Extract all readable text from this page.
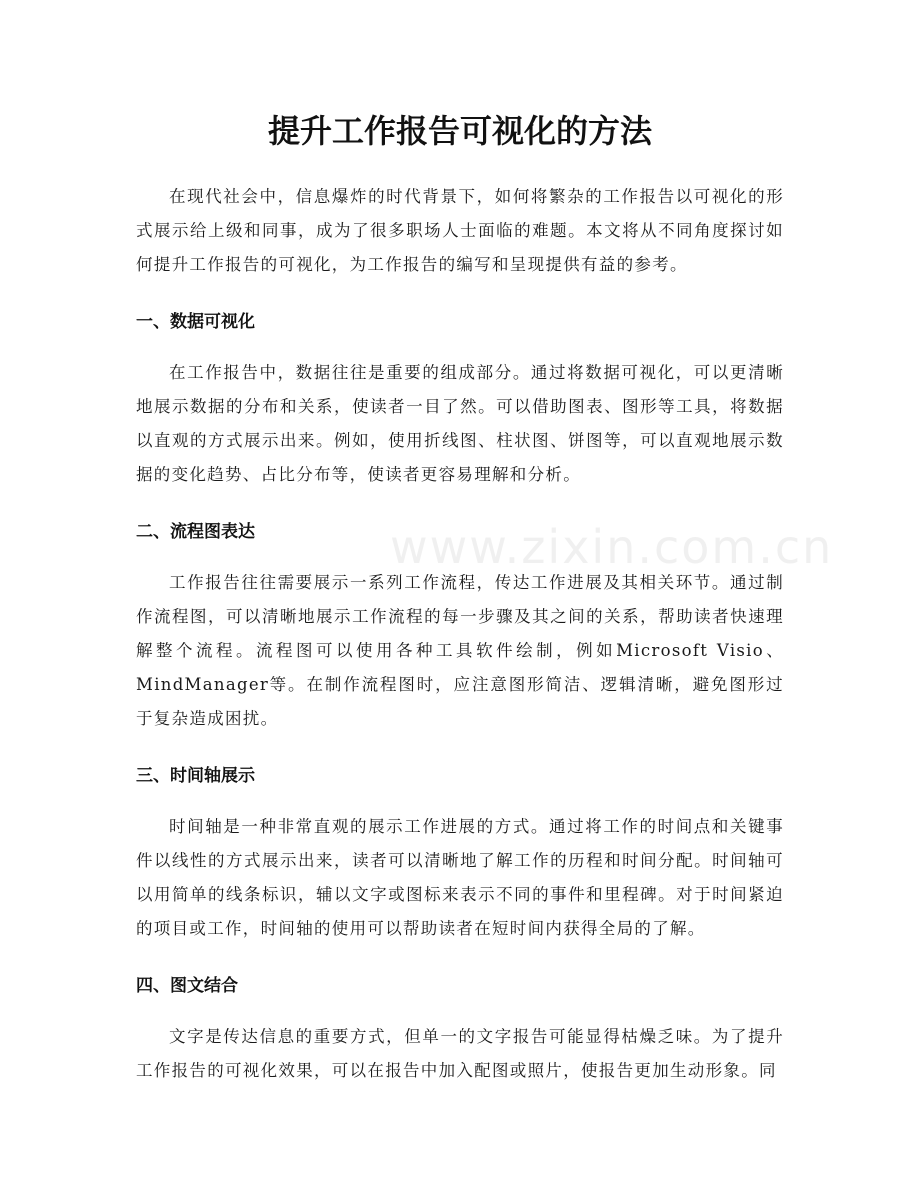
提升工作报告可视化的方法

在现代社会中，信息爆炸的时代背景下，如何将繁杂的工作报告以可视化的形式展示给上级和同事，成为了很多职场人士面临的难题。本文将从不同角度探讨如何提升工作报告的可视化，为工作报告的编写和呈现提供有益的参考。

一、数据可视化

在工作报告中，数据往往是重要的组成部分。通过将数据可视化，可以更清晰地展示数据的分布和关系，使读者一目了然。可以借助图表、图形等工具，将数据以直观的方式展示出来。例如，使用折线图、柱状图、饼图等，可以直观地展示数据的变化趋势、占比分布等，使读者更容易理解和分析。

二、流程图表达

工作报告往往需要展示一系列工作流程，传达工作进展及其相关环节。通过制作流程图，可以清晰地展示工作流程的每一步骤及其之间的关系，帮助读者快速理解整个流程。流程图可以使用各种工具软件绘制，例如Microsoft Visio、MindManager等。在制作流程图时，应注意图形简洁、逻辑清晰，避免图形过于复杂造成困扰。

三、时间轴展示

时间轴是一种非常直观的展示工作进展的方式。通过将工作的时间点和关键事件以线性的方式展示出来，读者可以清晰地了解工作的历程和时间分配。时间轴可以用简单的线条标识，辅以文字或图标来表示不同的事件和里程碑。对于时间紧迫的项目或工作，时间轴的使用可以帮助读者在短时间内获得全局的了解。

四、图文结合

文字是传达信息的重要方式，但单一的文字报告可能显得枯燥乏味。为了提升工作报告的可视化效果，可以在报告中加入配图或照片，使报告更加生动形象。同

www.zixin.com.cn
